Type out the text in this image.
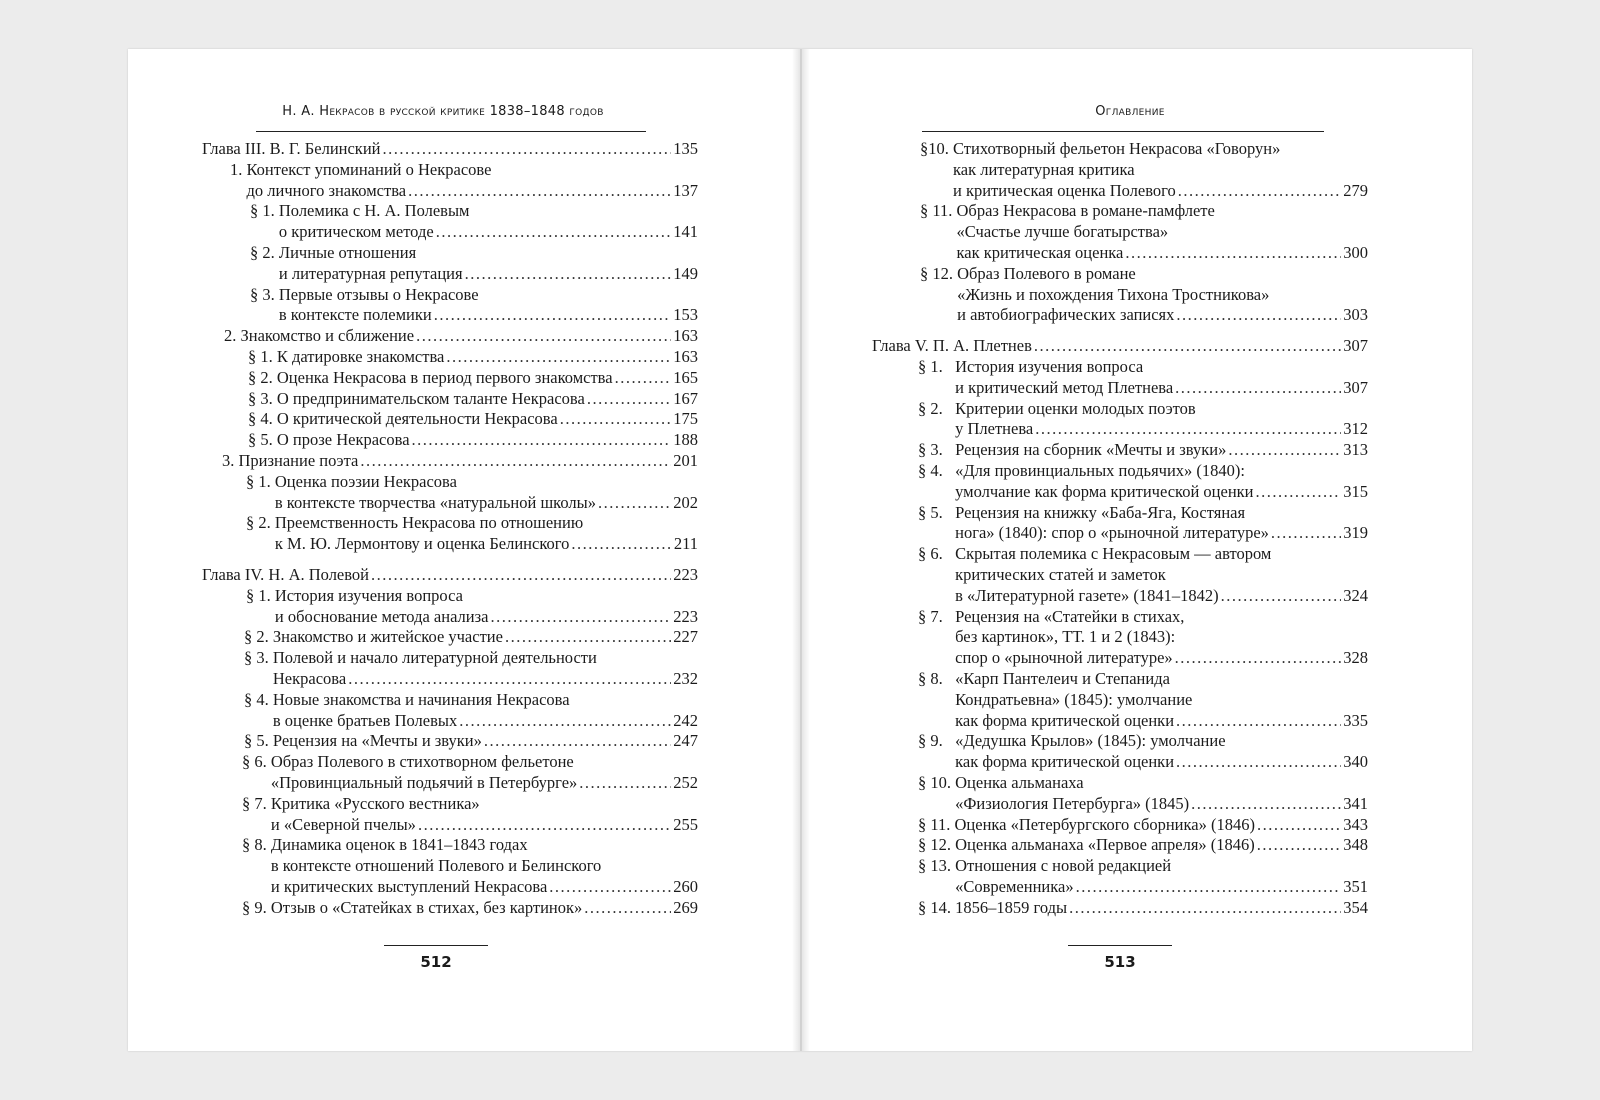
Н. А. Некрасов в русской критике 1838–1848 годов
Глава III. В. Г. Белинский .....	135
1. Контекст упоминаний о Некрасове
до личного знакомства .....	137
§ 1. Полемика с Н. А. Полевым
о критическом методе .....	141
§ 2. Личные отношения
и литературная репутация .....	149
§ 3. Первые отзывы о Некрасове
в контексте полемики .....	153
2. Знакомство и сближение .....	163
§ 1. К датировке знакомства .....	163
§ 2. Оценка Некрасова в период первого знакомства .....	165
§ 3. О предпринимательском таланте Некрасова .....	167
§ 4. О критической деятельности Некрасова .....	175
§ 5. О прозе Некрасова .....	188
3. Признание поэта .....	201
§ 1. Оценка поэзии Некрасова
в контексте творчества «натуральной школы» .....	202
§ 2. Преемственность Некрасова по отношению
к М. Ю. Лермонтову и оценка Белинского .....	211
Глава IV. Н. А. Полевой .....	223
§ 1. История изучения вопроса
и обоснование метода анализа .....	223
§ 2. Знакомство и житейское участие .....	227
§ 3. Полевой и начало литературной деятельности
Некрасова .....	232
§ 4. Новые знакомства и начинания Некрасова
в оценке братьев Полевых .....	242
§ 5. Рецензия на «Мечты и звуки» .....	247
§ 6. Образ Полевого в стихотворном фельетоне
«Провинциальный подьячий в Петербурге» .....	252
§ 7. Критика «Русского вестника»
и «Северной пчелы» .....	255
§ 8. Динамика оценок в 1841–1843 годах
в контексте отношений Полевого и Белинского
и критических выступлений Некрасова .....	260
§ 9. Отзыв о «Статейках в стихах, без картинок» .....	269
512
Оглавление
§10. Стихотворный фельетон Некрасова «Говорун»
как литературная критика
и критическая оценка Полевого .....	279
§ 11. Образ Некрасова в романе-памфлете
«Счастье лучше богатырства»
как критическая оценка .....	300
§ 12. Образ Полевого в романе
«Жизнь и похождения Тихона Тростникова»
и автобиографических записях .....	303
Глава V. П. А. Плетнев .....	307
§ 1. История изучения вопроса
и критический метод Плетнева .....	307
§ 2. Критерии оценки молодых поэтов
у Плетнева .....	312
§ 3. Рецензия на сборник «Мечты и звуки» .....	313
§ 4. «Для провинциальных подьячих» (1840):
умолчание как форма критической оценки .....	315
§ 5. Рецензия на книжку «Баба-Яга, Костяная
нога» (1840): спор о «рыночной литературе» .....	319
§ 6. Скрытая полемика с Некрасовым — автором
критических статей и заметок
в «Литературной газете» (1841–1842) .....	324
§ 7. Рецензия на «Статейки в стихах,
без картинок», ТТ. 1 и 2 (1843):
спор о «рыночной литературе» .....	328
§ 8. «Карп Пантелеич и Степанида
Кондратьевна» (1845): умолчание
как форма критической оценки .....	335
§ 9. «Дедушка Крылов» (1845): умолчание
как форма критической оценки .....	340
§ 10. Оценка альманаха
«Физиология Петербурга» (1845) .....	341
§ 11. Оценка «Петербургского сборника» (1846) .....	343
§ 12. Оценка альманаха «Первое апреля» (1846) .....	348
§ 13. Отношения с новой редакцией
«Современника» .....	351
§ 14. 1856–1859 годы .....	354
513
